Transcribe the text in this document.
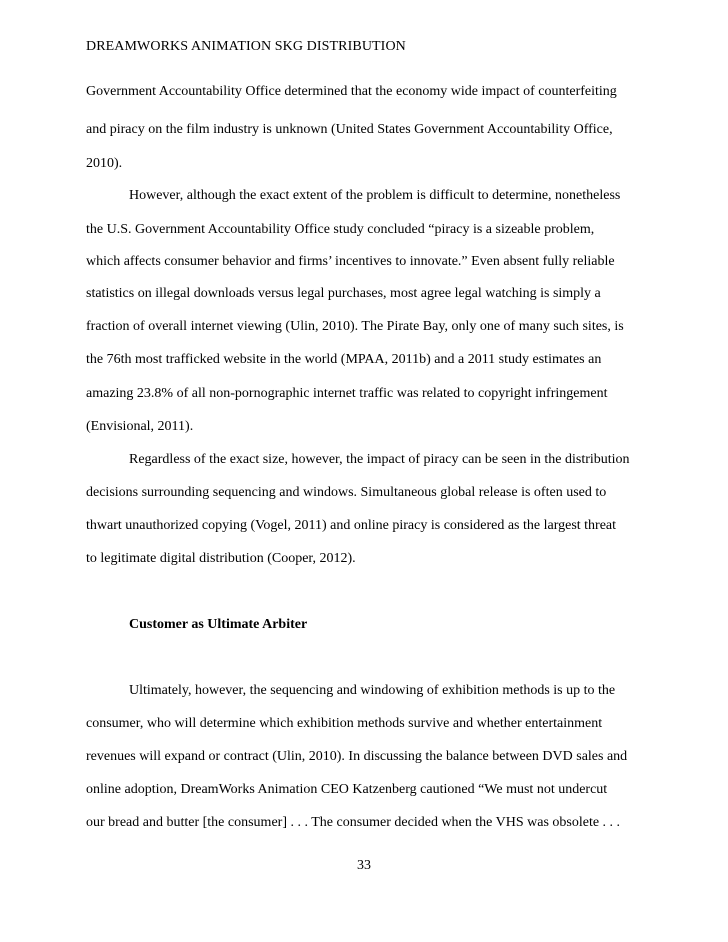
DREAMWORKS ANIMATION SKG DISTRIBUTION
Government Accountability Office determined that the economy wide impact of counterfeiting
and piracy on the film industry is unknown (United States Government Accountability Office,
2010).
However, although the exact extent of the problem is difficult to determine, nonetheless
the U.S. Government Accountability Office study concluded “piracy is a sizeable problem,
which affects consumer behavior and firms’ incentives to innovate.” Even absent fully reliable
statistics on illegal downloads versus legal purchases, most agree legal watching is simply a
fraction of overall internet viewing (Ulin, 2010). The Pirate Bay, only one of many such sites, is
the 76th most trafficked website in the world (MPAA, 2011b) and a 2011 study estimates an
amazing 23.8% of all non-pornographic internet traffic was related to copyright infringement
(Envisional, 2011).
Regardless of the exact size, however, the impact of piracy can be seen in the distribution
decisions surrounding sequencing and windows. Simultaneous global release is often used to
thwart unauthorized copying (Vogel, 2011) and online piracy is considered as the largest threat
to legitimate digital distribution (Cooper, 2012).
Customer as Ultimate Arbiter
Ultimately, however, the sequencing and windowing of exhibition methods is up to the
consumer, who will determine which exhibition methods survive and whether entertainment
revenues will expand or contract (Ulin, 2010). In discussing the balance between DVD sales and
online adoption, DreamWorks Animation CEO Katzenberg cautioned “We must not undercut
our bread and butter [the consumer] . . . The consumer decided when the VHS was obsolete . . .
33
